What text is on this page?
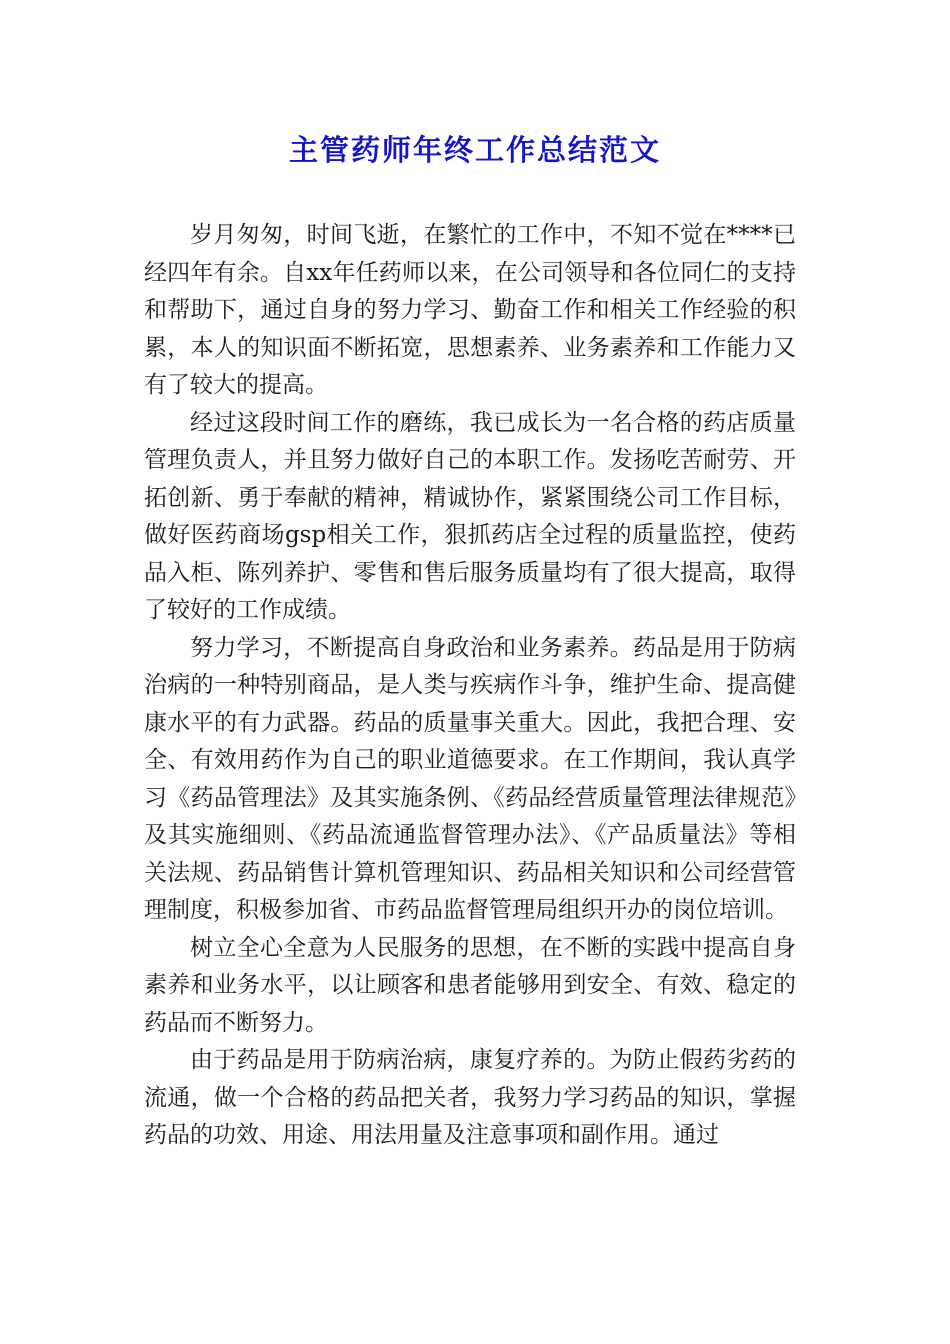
主管药师年终工作总结范文

岁月匆匆，时间飞逝，在繁忙的工作中，不知不觉在****已经四年有余。自xx年任药师以来，在公司领导和各位同仁的支持和帮助下，通过自身的努力学习、勤奋工作和相关工作经验的积累，本人的知识面不断拓宽，思想素养、业务素养和工作能力又有了较大的提高。

经过这段时间工作的磨练，我已成长为一名合格的药店质量管理负责人，并且努力做好自己的本职工作。发扬吃苦耐劳、开拓创新、勇于奉献的精神，精诚协作，紧紧围绕公司工作目标，做好医药商场gsp相关工作，狠抓药店全过程的质量监控，使药品入柜、陈列养护、零售和售后服务质量均有了很大提高，取得了较好的工作成绩。

努力学习，不断提高自身政治和业务素养。药品是用于防病治病的一种特别商品，是人类与疾病作斗争，维护生命、提高健康水平的有力武器。药品的质量事关重大。因此，我把合理、安全、有效用药作为自己的职业道德要求。在工作期间，我认真学习《药品管理法》及其实施条例、《药品经营质量管理法律规范》及其实施细则、《药品流通监督管理办法》、《产品质量法》等相关法规、药品销售计算机管理知识、药品相关知识和公司经营管理制度，积极参加省、市药品监督管理局组织开办的岗位培训。

树立全心全意为人民服务的思想，在不断的实践中提高自身素养和业务水平，以让顾客和患者能够用到安全、有效、稳定的药品而不断努力。

由于药品是用于防病治病，康复疗养的。为防止假药劣药的流通，做一个合格的药品把关者，我努力学习药品的知识，掌握药品的功效、用途、用法用量及注意事项和副作用。通过
